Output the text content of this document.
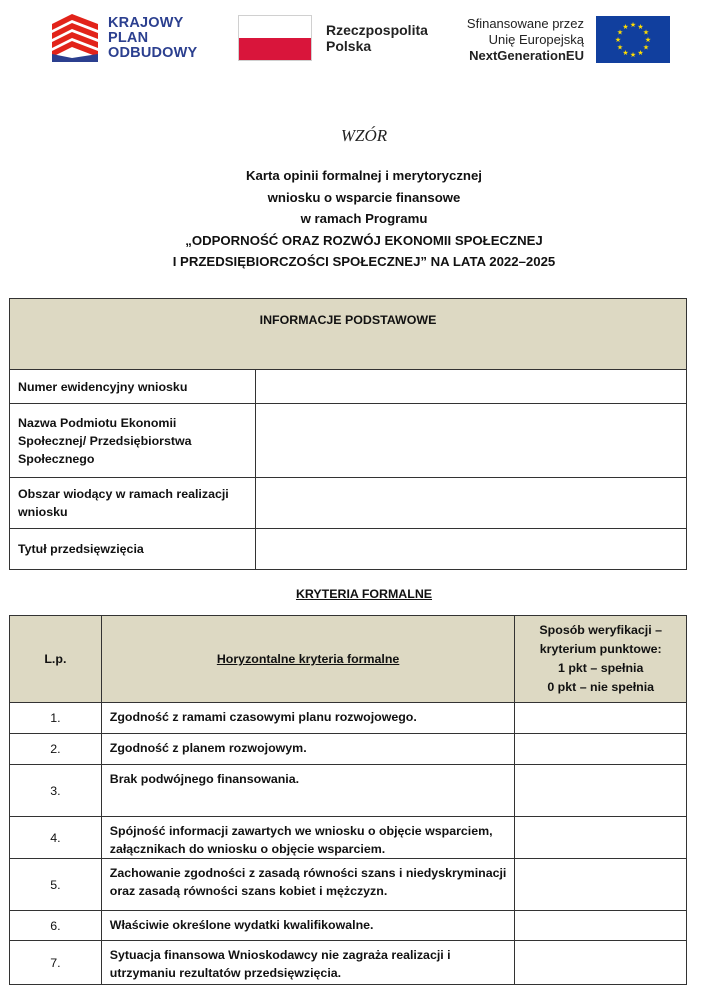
KRAJOWY
PLAN
ODBUDOWY
Rzeczpospolita
Polska
Sfinansowane przez
Unię Europejską
NextGenerationEU
★ ★
★
★
★
★
★
★
★
★
★
★
WZÓR
Karta opinii formalnej i merytorycznej
wniosku o wsparcie finansowe
w ramach Programu
„ODPORNOŚĆ ORAZ ROZWÓJ EKONOMII SPOŁECZNEJ
I PRZEDSIĘBIORCZOŚCI SPOŁECZNEJ” NA LATA 2022–2025
INFORMACJE PODSTAWOWE	
Numer ewidencyjny wniosku	
Nazwa Podmiotu Ekonomii Społecznej/ Przedsiębiorstwa Społecznego	
Obszar wiodący w ramach realizacji wniosku	
Tytuł przedsięwzięcia	
KRYTERIA FORMALNE
L.p.	Horyzontalne kryteria formalne	Sposób weryfikacji –
kryterium punktowe:
1 pkt – spełnia
0 pkt – nie spełnia

1.	Zgodność z ramami czasowymi planu rozwojowego.	
2.	Zgodność z planem rozwojowym.	
3.	Brak podwójnego finansowania.	
4.	Spójność informacji zawartych we wniosku o objęcie wsparciem, załącznikach do wniosku o objęcie wsparciem.	
5.	Zachowanie zgodności z zasadą równości szans i niedyskryminacji oraz zasadą równości szans kobiet i mężczyzn.	
6.	Właściwie określone wydatki kwalifikowalne.	
7.	Sytuacja finansowa Wnioskodawcy nie zagraża realizacji i utrzymaniu rezultatów przedsięwzięcia.	
